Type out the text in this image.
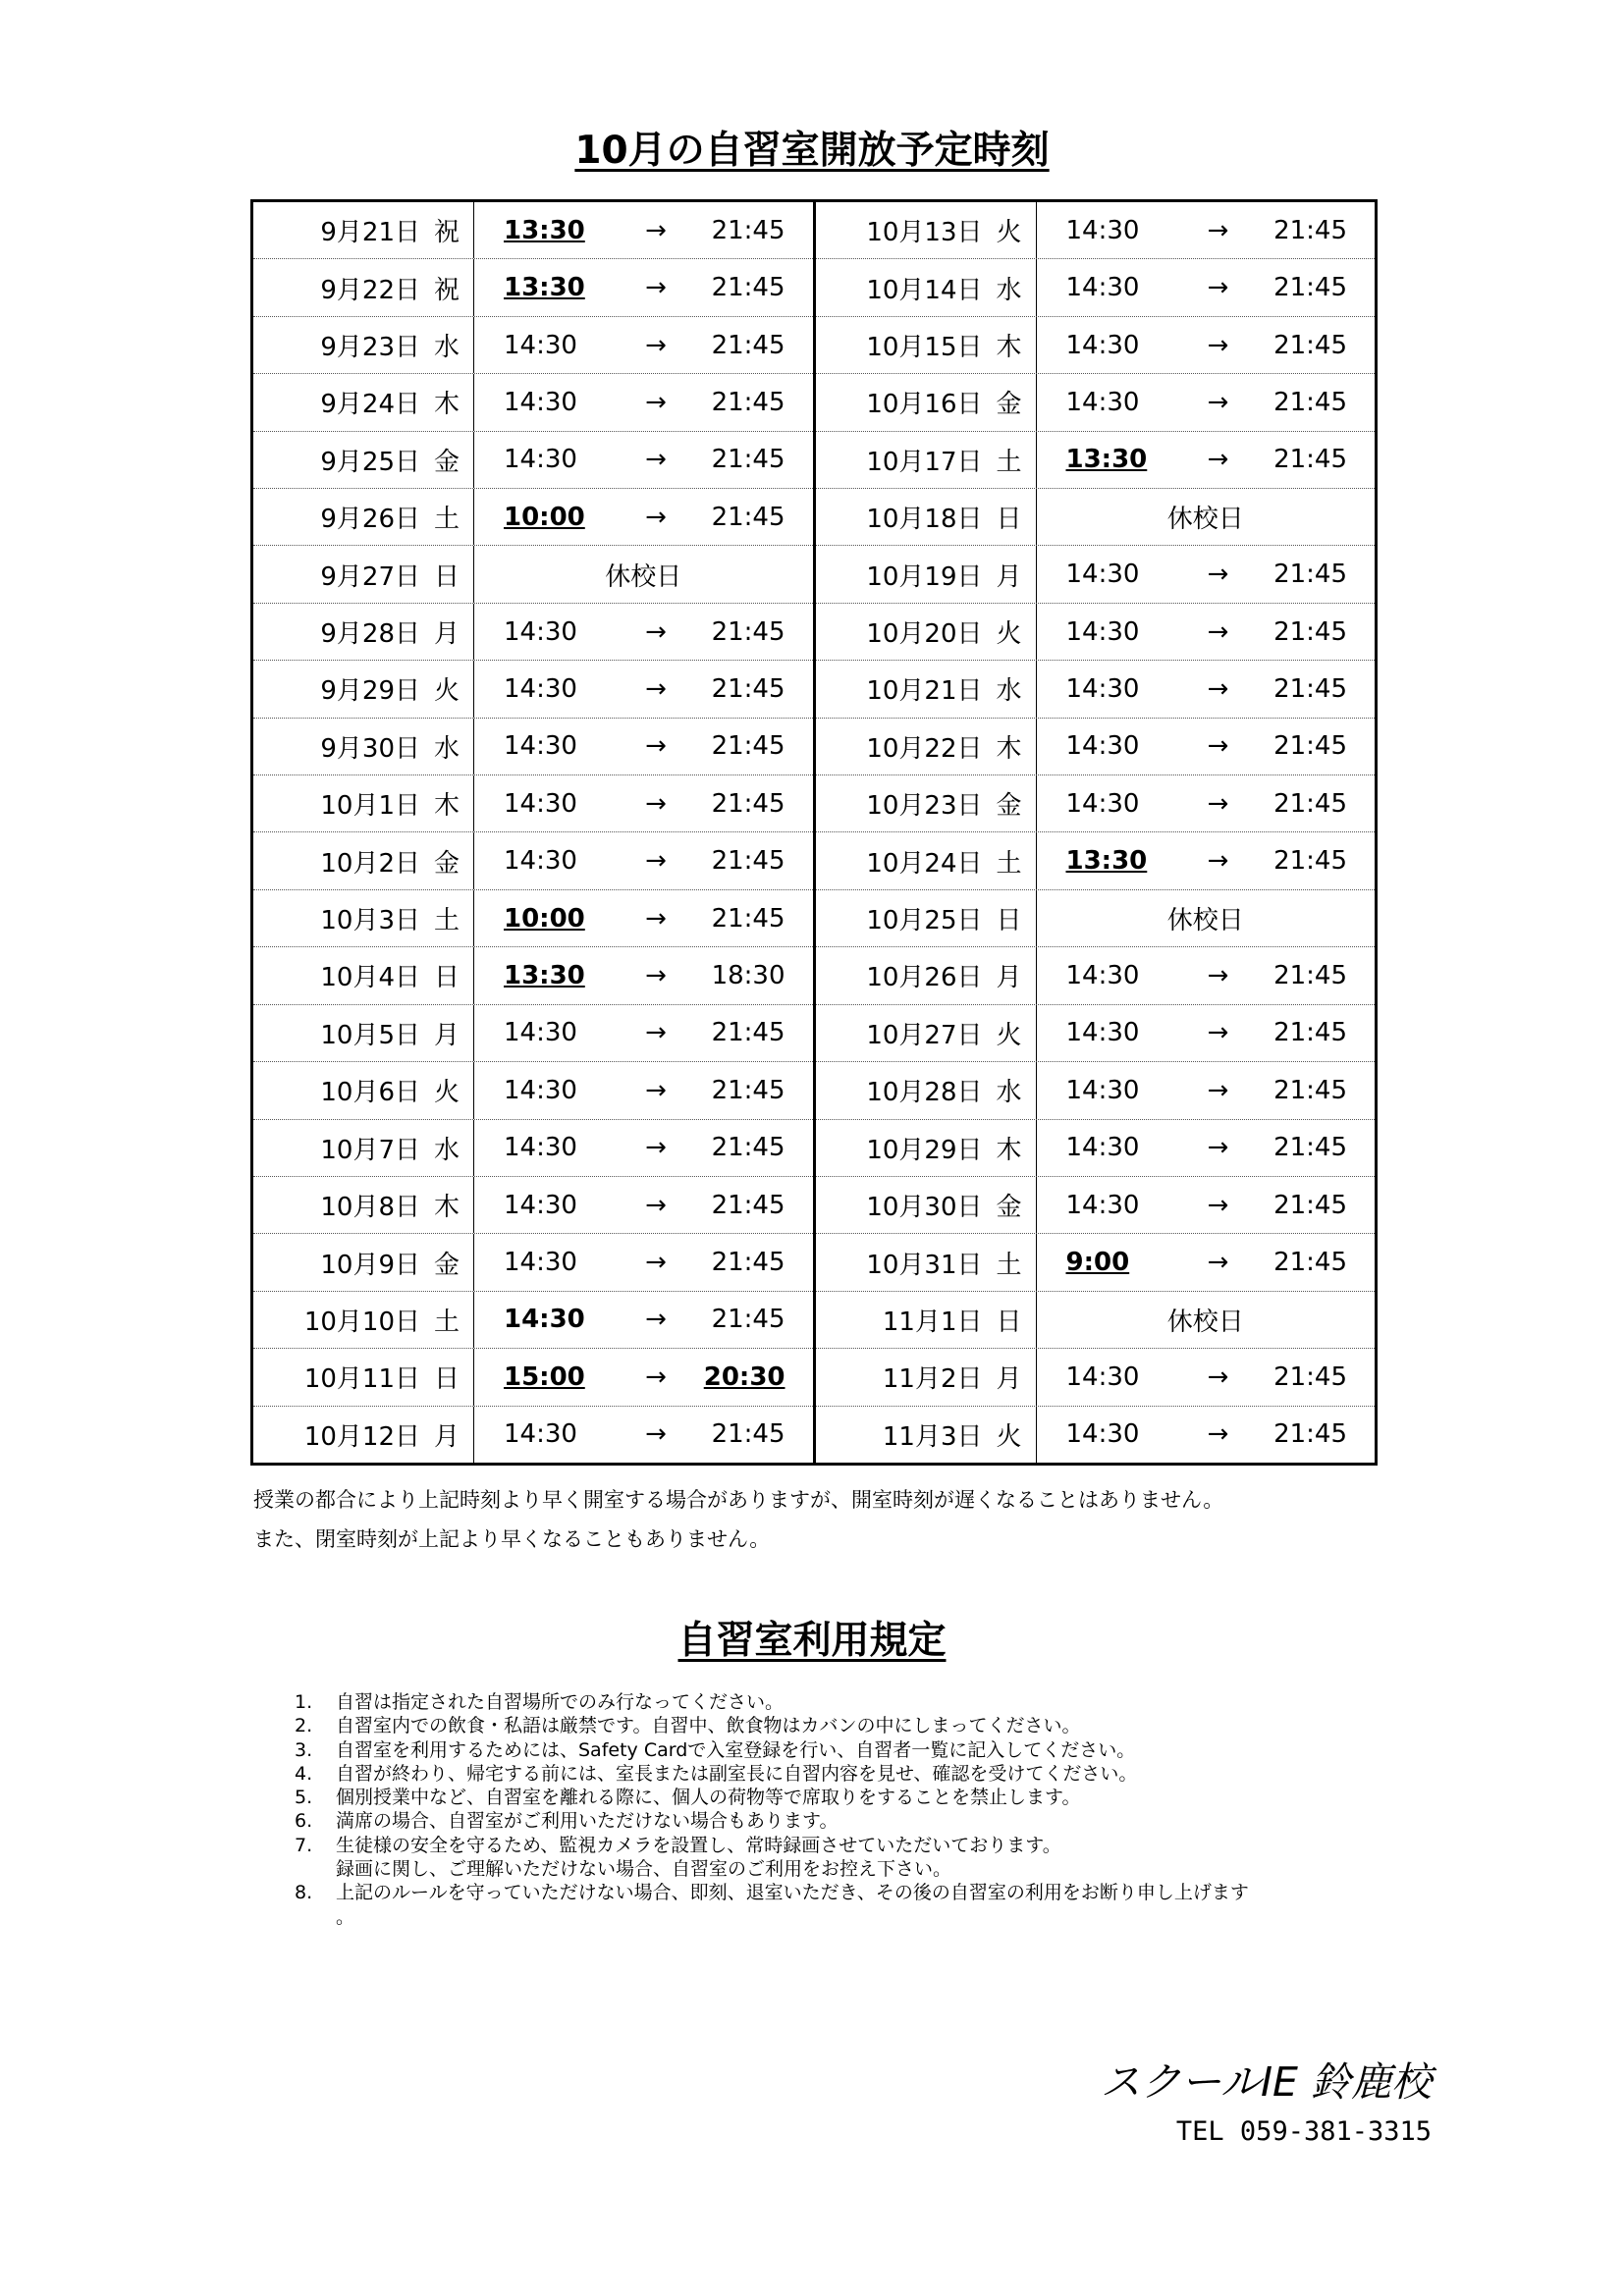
10月の自習室開放予定時刻
9月21日 祝	13:30	→	21:45
9月22日 祝	13:30	→	21:45
9月23日 水	14:30	→	21:45
9月24日 木	14:30	→	21:45
9月25日 金	14:30	→	21:45
9月26日 土	10:00	→	21:45
9月27日 日	休校日
9月28日 月	14:30	→	21:45
9月29日 火	14:30	→	21:45
9月30日 水	14:30	→	21:45
10月1日 木	14:30	→	21:45
10月2日 金	14:30	→	21:45
10月3日 土	10:00	→	21:45
10月4日 日	13:30	→	18:30
10月5日 月	14:30	→	21:45
10月6日 火	14:30	→	21:45
10月7日 水	14:30	→	21:45
10月8日 木	14:30	→	21:45
10月9日 金	14:30	→	21:45
10月10日 土	14:30	→	21:45
10月11日 日	15:00	→	20:30
10月12日 月	14:30	→	21:45
10月13日 火	14:30	→	21:45
10月14日 水	14:30	→	21:45
10月15日 木	14:30	→	21:45
10月16日 金	14:30	→	21:45
10月17日 土	13:30	→	21:45
10月18日 日	休校日
10月19日 月	14:30	→	21:45
10月20日 火	14:30	→	21:45
10月21日 水	14:30	→	21:45
10月22日 木	14:30	→	21:45
10月23日 金	14:30	→	21:45
10月24日 土	13:30	→	21:45
10月25日 日	休校日
10月26日 月	14:30	→	21:45
10月27日 火	14:30	→	21:45
10月28日 水	14:30	→	21:45
10月29日 木	14:30	→	21:45
10月30日 金	14:30	→	21:45
10月31日 土	9:00	→	21:45
11月1日 日	休校日
11月2日 月	14:30	→	21:45
11月3日 火	14:30	→	21:45
授業の都合により上記時刻より早く開室する場合がありますが、開室時刻が遅くなることはありません。
また、閉室時刻が上記より早くなることもありません。
自習室利用規定
1.	自習は指定された自習場所でのみ行なってください。
2.	自習室内での飲食・私語は厳禁です。自習中、飲食物はカバンの中にしまってください。
3.	自習室を利用するためには、Safety Cardで入室登録を行い、自習者一覧に記入してください。
4.	自習が終わり、帰宅する前には、室長または副室長に自習内容を見せ、確認を受けてください。
5.	個別授業中など、自習室を離れる際に、個人の荷物等で席取りをすることを禁止します。
6.	満席の場合、自習室がご利用いただけない場合もあります。
7.	生徒様の安全を守るため、監視カメラを設置し、常時録画させていただいております。
録画に関し、ご理解いただけない場合、自習室のご利用をお控え下さい。
8.	上記のルールを守っていただけない場合、即刻、退室いただき、その後の自習室の利用をお断り申し上げます
。
スクールIE 鈴鹿校
TEL 059-381-3315
